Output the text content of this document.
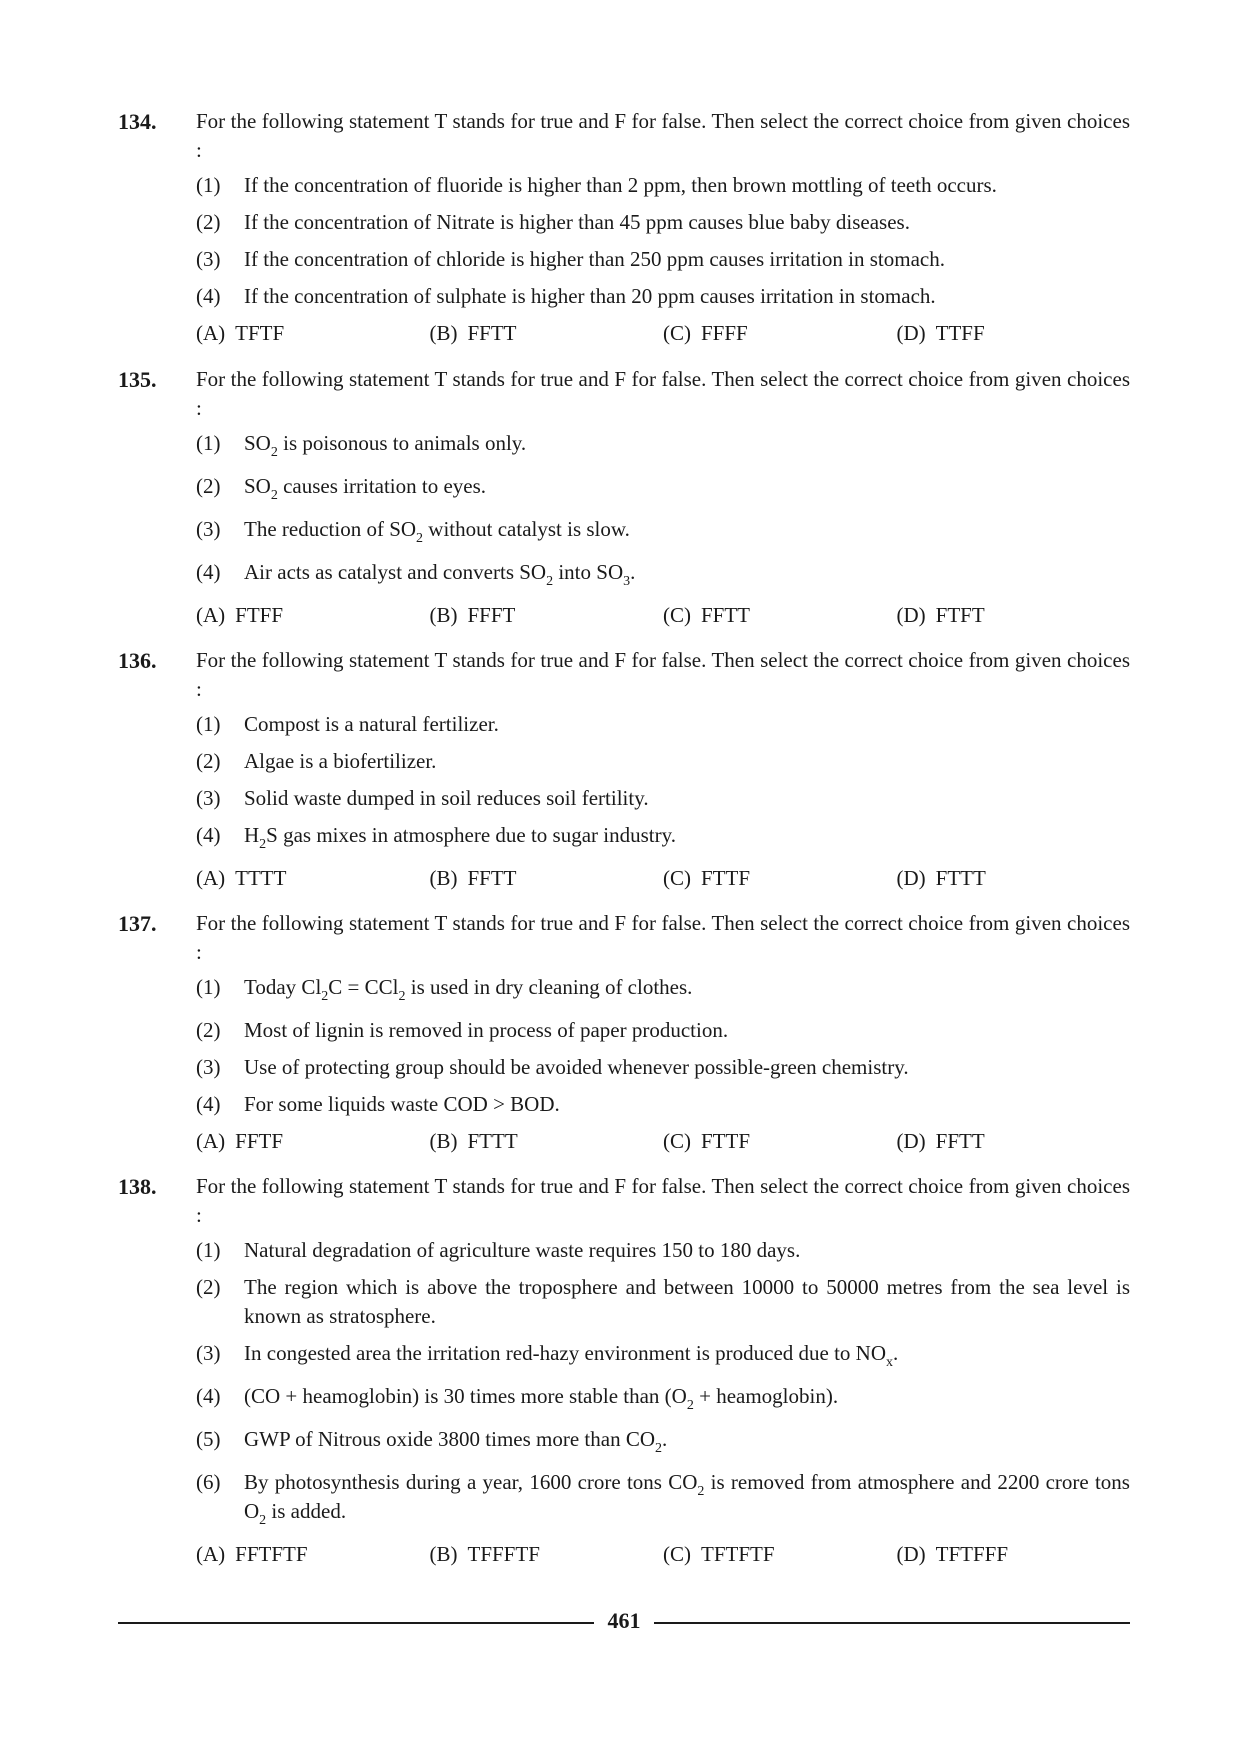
134. For the following statement T stands for true and F for false. Then select the correct choice from given choices :
(1) If the concentration of fluoride is higher than 2 ppm, then brown mottling of teeth occurs.
(2) If the concentration of Nitrate is higher than 45 ppm causes blue baby diseases.
(3) If the concentration of chloride is higher than 250 ppm causes irritation in stomach.
(4) If the concentration of sulphate is higher than 20 ppm causes irritation in stomach.
(A) TFTF	(B) FFTT	(C) FFFF	(D) TTFF
135. For the following statement T stands for true and F for false. Then select the correct choice from given choices :
(1) $SO_2$ is poisonous to animals only.
(2) $SO_2$ causes irritation to eyes.
(3) The reduction of $SO_2$ without catalyst is slow.
(4) Air acts as catalyst and converts $SO_2$ into $SO_3$.
(A) FTFF	(B) FFFT	(C) FFTT	(D) FTFT
136. For the following statement T stands for true and F for false. Then select the correct choice from given choices :
(1) Compost is a natural fertilizer.
(2) Algae is a biofertilizer.
(3) Solid waste dumped in soil reduces soil fertility.
(4) $H_2S$ gas mixes in atmosphere due to sugar industry.
(A) TTTT	(B) FFTT	(C) FTTF	(D) FTTT
137. For the following statement T stands for true and F for false. Then select the correct choice from given choices :
(1) Today $Cl_2C = CCl_2$ is used in dry cleaning of clothes.
(2) Most of lignin is removed in process of paper production.
(3) Use of protecting group should be avoided whenever possible-green chemistry.
(4) For some liquids waste COD > BOD.
(A) FFTF	(B) FTTT	(C) FTTF	(D) FFTT
138. For the following statement T stands for true and F for false. Then select the correct choice from given choices :
(1) Natural degradation of agriculture waste requires 150 to 180 days.
(2) The region which is above the troposphere and between 10000 to 50000 metres from the sea level is known as stratosphere.
(3) In congested area the irritation red-hazy environment is produced due to $NO_x$.
(4) (CO + heamoglobin) is 30 times more stable than ($O_2$ + heamoglobin).
(5) GWP of Nitrous oxide 3800 times more than $CO_2$.
(6) By photosynthesis during a year, 1600 crore tons $CO_2$ is removed from atmosphere and 2200 crore tons $O_2$ is added.
(A) FFTFTF	(B) TFFFTF	(C) TFTFTF	(D) TFTFFF
461
